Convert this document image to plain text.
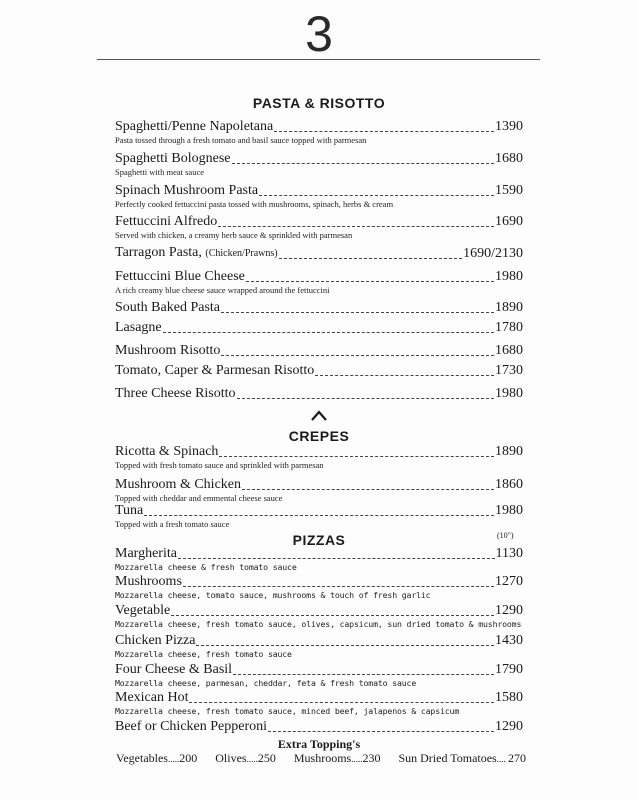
3
PASTA & RISOTTO
Spaghetti/Penne Napoletana	1390
Pasta tossed through a fresh tomato and basil sauce topped with parmesan
Spaghetti Bolognese	1680
Spaghetti with meat sauce
Spinach Mushroom Pasta	1590
Perfectly cooked fettuccini pasta tossed with mushrooms, spinach, herbs & cream
Fettuccini Alfredo	1690
Served with chicken, a creamy herb sauce & sprinkled with parmesan
Tarragon Pasta, (Chicken/Prawns)	1690/2130
Fettuccini Blue Cheese	1980
A rich creamy blue cheese sauce wrapped around the fettuccini
South Baked Pasta	1890
Lasagne	1780
Mushroom Risotto	1680
Tomato, Caper & Parmesan Risotto	1730
Three Cheese Risotto	1980
CREPES
Ricotta & Spinach	1890
Topped with fresh tomato sauce and sprinkled with parmesan
Mushroom & Chicken	1860
Topped with cheddar and emmental cheese sauce
Tuna	1980
Topped with a fresh tomato sauce
PIZZAS	(10")
Margherita	1130
Mozzarella cheese & fresh tomato sauce
Mushrooms	1270
Mozzarella cheese, tomato sauce, mushrooms & touch of fresh garlic
Vegetable	1290
Mozzarella cheese, fresh tomato sauce, olives, capsicum, sun dried tomato & mushrooms
Chicken Pizza	1430
Mozzarella cheese, fresh tomato sauce
Four Cheese & Basil	1790
Mozzarella cheese, parmesan, cheddar, feta & fresh tomato sauce
Mexican Hot	1580
Mozzarella cheese, fresh tomato sauce, minced beef, jalapenos & capsicum
Beef or Chicken Pepperoni	1290
Extra Topping's
Vegetables.....200 Olives.....250 Mushrooms.....230 Sun Dried Tomatoes.... 270
